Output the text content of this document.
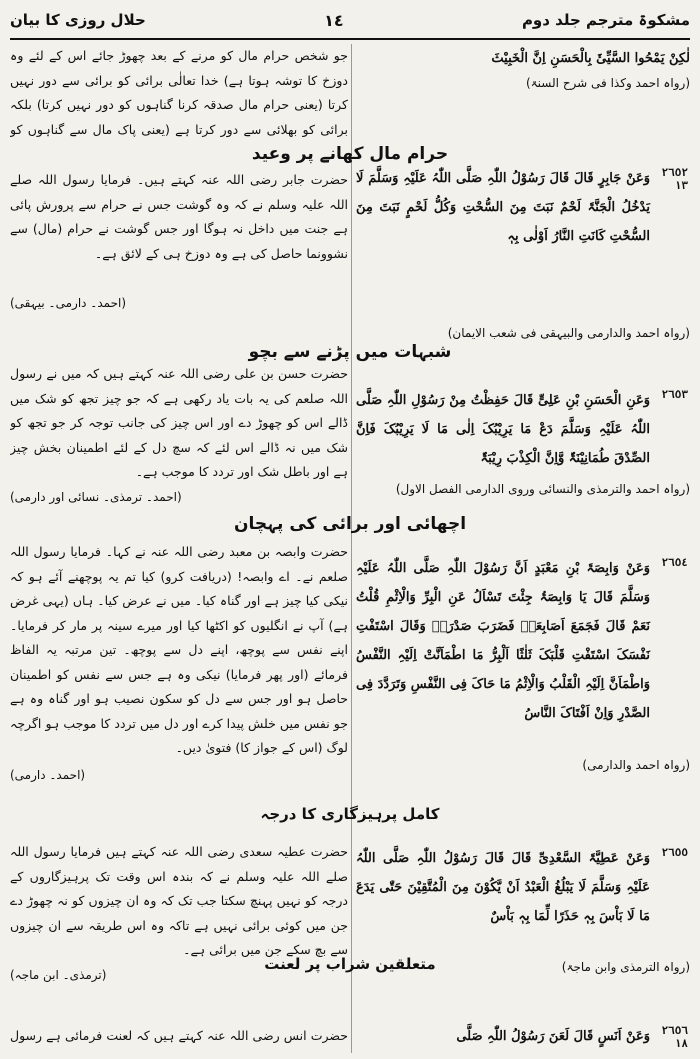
حلال روزی کا بیان	١٤	مشکوۃ مترجم جلد دوم

لٰکِنْ یَمْحُوا السَّیِّیَٔ بِالْحَسَنِ اِنَّ الْخَبِیْثَ

(رواہ احمد وکذا فی شرح السنۃ)

٢٦٥٢
١٣

وَعَنْ جَابِرٍ قَالَ قَالَ رَسُوْلُ اللّٰہِ صَلَّی اللّٰہُ عَلَیْہِ وَسَلَّمَ لَا یَدْخُلُ الْجَنَّۃَ لَحْمٌ نَبَتَ مِنَ السُّحْتِ وَکُلُّ لَحْمٍ نَبَتَ مِنَ السُّحْتِ کَانَتِ النَّارُ اَوْلٰی بِہٖ

(رواہ احمد والدارمی والبیہقی فی شعب الایمان)

٢٦٥٣

وَعَنِ الْحَسَنِ بْنِ عَلِیٍّ قَالَ حَفِظْتُ مِنْ رَسُوْلِ اللّٰہِ صَلَّی اللّٰہُ عَلَیْہِ وَسَلَّمَ دَعْ مَا یَرِیْبُکَ اِلٰی مَا لَا یَرِیْبُکَ فَاِنَّ الصِّدْقَ طُمَانِیْنَۃٌ وَّاِنَّ الْکِذْبَ رِیْبَۃٌ

(رواہ احمد والترمذی والنسائی وروی الدارمی الفصل الاول)

٢٦٥٤

وَعَنْ وَابِصَۃَ بْنِ مَعْبَدٍ اَنَّ رَسُوْلَ اللّٰہِ صَلَّی اللّٰہُ عَلَیْہِ وَسَلَّمَ قَالَ یَا وَابِصَۃُ جِئْتَ تَسْاَلُ عَنِ الْبِرِّ وَالْاِثْمِ قُلْتُ نَعَمْ قَالَ فَجَمَعَ اَصَابِعَہٗ فَضَرَبَ صَدْرَہٗ وَقَالَ اسْتَفْتِ نَفْسَکَ اسْتَفْتِ قَلْبَکَ ثَلٰثًا اَلْبِرُّ مَا اطْمَاَنَّتْ اِلَیْہِ النَّفْسُ وَاطْمَاَنَّ اِلَیْہِ الْقَلْبُ وَالْاِثْمُ مَا حَاکَ فِی النَّفْسِ وَتَرَدَّدَ فِی الصَّدْرِ وَاِنْ اَفْتَاکَ النَّاسُ

(رواہ احمد والدارمی)

٢٦٥٥

وَعَنْ عَطِیَّۃَ السَّعْدِیِّ قَالَ قَالَ رَسُوْلُ اللّٰہِ صَلَّی اللّٰہُ عَلَیْہِ وَسَلَّمَ لَا یَبْلُغُ الْعَبْدُ اَنْ یَّکُوْنَ مِنَ الْمُتَّقِیْنَ حَتّٰی یَدَعَ مَا لَا بَاْسَ بِہٖ حَذَرًا لِّمَا بِہٖ بَاْسٌ

(رواہ الترمذی وابن ماجۃ)

٢٦٥٦
١٨

وَعَنْ اَنَسٍ قَالَ لَعَنَ رَسُوْلُ اللّٰہِ صَلَّی

جو شخص حرام مال کو مرنے کے بعد چھوڑ جائے اس کے لئے وہ دوزخ کا توشہ ہوتا ہے) خدا تعالٰی برائی کو برائی سے دور نہیں کرتا (یعنی حرام مال صدقہ کرنا گناہوں کو دور نہیں کرتا) بلکہ برائی کو بھلائی سے دور کرتا ہے (یعنی پاک مال سے گناہوں کو

حضرت جابر رضی اللہ عنہ کہتے ہیں۔ فرمایا رسول اللہ صلے اللہ علیہ وسلم نے کہ وہ گوشت جس نے حرام سے پرورش پائی ہے جنت میں داخل نہ ہوگا اور جس گوشت نے حرام (مال) سے نشوونما حاصل کی ہے وہ دوزخ ہی کے لائق ہے۔

(احمد۔ دارمی۔ بیہقی)

حضرت حسن بن علی رضی اللہ عنہ کہتے ہیں کہ میں نے رسول اللہ صلعم کی یہ بات یاد رکھی ہے کہ جو چیز تجھ کو شک میں ڈالے اس کو چھوڑ دے اور اس چیز کی جانب توجہ کر جو تجھ کو شک میں نہ ڈالے اس لئے کہ سچ دل کے لئے اطمینان بخش چیز ہے اور باطل شک اور تردد کا موجب ہے۔

(احمد۔ ترمذی۔ نسائی اور دارمی)

حضرت وابصہ بن معبد رضی اللہ عنہ نے کہا۔ فرمایا رسول اللہ صلعم نے۔ اے وابصہ! (دریافت کرو) کیا تم یہ پوچھنے آئے ہو کہ نیکی کیا چیز ہے اور گناہ کیا۔ میں نے عرض کیا۔ ہاں (یہی غرض ہے) آپ نے انگلیوں کو اکٹھا کیا اور میرے سینہ پر مار کر فرمایا۔ اپنے نفس سے پوچھ، اپنے دل سے پوچھ۔ تین مرتبہ یہ الفاظ فرمائے (اور پھر فرمایا) نیکی وہ ہے جس سے نفس کو اطمینان حاصل ہو اور جس سے دل کو سکون نصیب ہو اور گناہ وہ ہے جو نفس میں خلش پیدا کرے اور دل میں تردد کا موجب ہو اگرچہ لوگ (اس کے جواز کا) فتویٰ دیں۔

(احمد۔ دارمی)

حضرت عطیہ سعدی رضی اللہ عنہ کہتے ہیں فرمایا رسول اللہ صلے اللہ علیہ وسلم نے کہ بندہ اس وقت تک پرہیزگاروں کے درجہ کو نہیں پہنچ سکتا جب تک کہ وہ ان چیزوں کو نہ چھوڑ دے جن میں کوئی برائی نہیں ہے تاکہ وہ اس طریقہ سے ان چیزوں سے بچ سکے جن میں برائی ہے۔

(ترمذی۔ ابن ماجہ)

حضرت انس رضی اللہ عنہ کہتے ہیں کہ لعنت فرمائی ہے رسول

حرام مال کھانے پر وعید
شبہات میں پڑنے سے بچو
اچھائی اور برائی کی پہچان
کامل پرہیزگاری کا درجہ
متعلقین شراب پر لعنت
